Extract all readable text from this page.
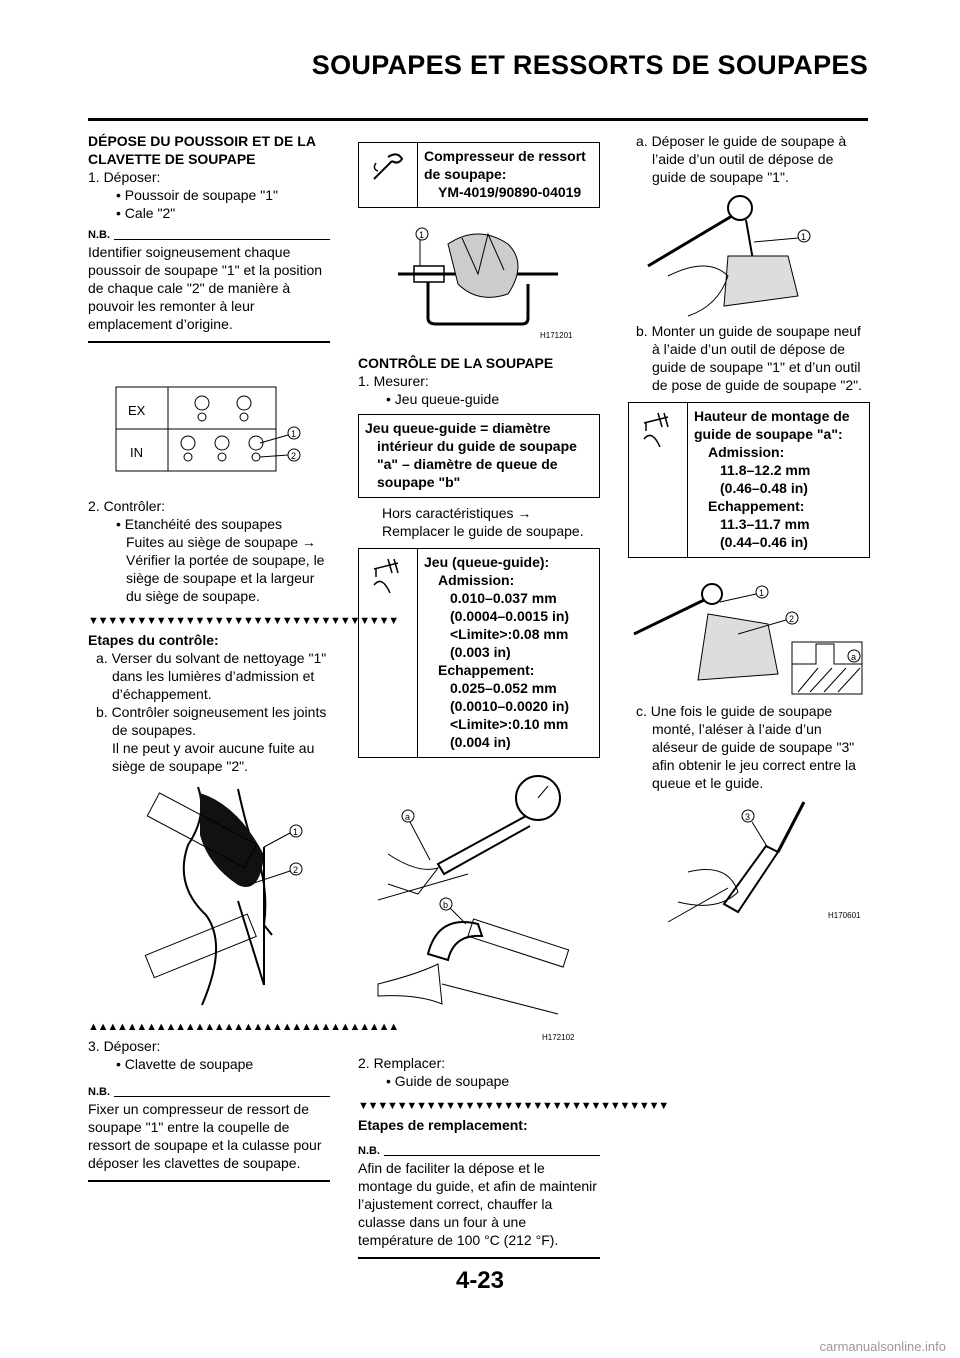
SOUPAPES ET RESSORTS DE SOUPAPES
DÉPOSE DU POUSSOIR ET DE LA CLAVETTE DE SOUPAPE
1. Déposer:
• Poussoir de soupape "1"
• Cale "2"
N.B.
Identifier soigneusement chaque poussoir de soupape "1" et la position de chaque cale "2" de manière à pouvoir les remonter à leur emplacement d’origine.
EX
IN
1
2
2. Contrôler:
• Etanchéité des soupapes
Fuites au siège de soupape → Vérifier la portée de soupape, le siège de soupape et la largeur du siège de soupape.
▼▼▼▼▼▼▼▼▼▼▼▼▼▼▼▼▼▼▼▼▼▼▼▼▼▼▼▼▼▼▼▼
Etapes du contrôle:
a. Verser du solvant de nettoyage "1" dans les lumières d’admission et d’échappement.
b. Contrôler soigneusement les joints de soupapes.
Il ne peut y avoir aucune fuite au siège de soupape "2".
1
2
▲▲▲▲▲▲▲▲▲▲▲▲▲▲▲▲▲▲▲▲▲▲▲▲▲▲▲▲▲▲▲▲
3. Déposer:
• Clavette de soupape
N.B.
Fixer un compresseur de ressort de soupape "1" entre la coupelle de ressort de soupape et la culasse pour déposer les clavettes de soupape.
Compresseur de ressort de soupape:
YM-4019/90890-04019
1
H171201
CONTRÔLE DE LA SOUPAPE
1. Mesurer:
• Jeu queue-guide
Jeu queue-guide = diamètre intérieur du guide de soupape "a" – diamètre de queue de soupape "b"
Hors caractéristiques → Remplacer le guide de soupape.
Jeu (queue-guide):
Admission:
0.010–0.037 mm
(0.0004–0.0015 in)
<Limite>:0.08 mm
(0.003 in)
Echappement:
0.025–0.052 mm
(0.0010–0.0020 in)
<Limite>:0.10 mm
(0.004 in)
a
b
H172102
2. Remplacer:
• Guide de soupape
▼▼▼▼▼▼▼▼▼▼▼▼▼▼▼▼▼▼▼▼▼▼▼▼▼▼▼▼▼▼▼▼
Etapes de remplacement:
N.B.
Afin de faciliter la dépose et le montage du guide, et afin de maintenir l’ajustement correct, chauffer la culasse dans un four à une température de 100 °C (212 °F).
a. Déposer le guide de soupape à l’aide d’un outil de dépose de guide de soupape "1".
1
b. Monter un guide de soupape neuf à l’aide d’un outil de dépose de guide de soupape "1" et d’un outil de pose de guide de soupape "2".
Hauteur de montage de guide de soupape "a":
Admission:
11.8–12.2 mm
(0.46–0.48 in)
Echappement:
11.3–11.7 mm
(0.44–0.46 in)
1
2
a
c. Une fois le guide de soupape monté, l’aléser à l’aide d’un aléseur de guide de soupape "3" afin obtenir le jeu correct entre la queue et le guide.
3
H170601
4-23
carmanualsonline.info
